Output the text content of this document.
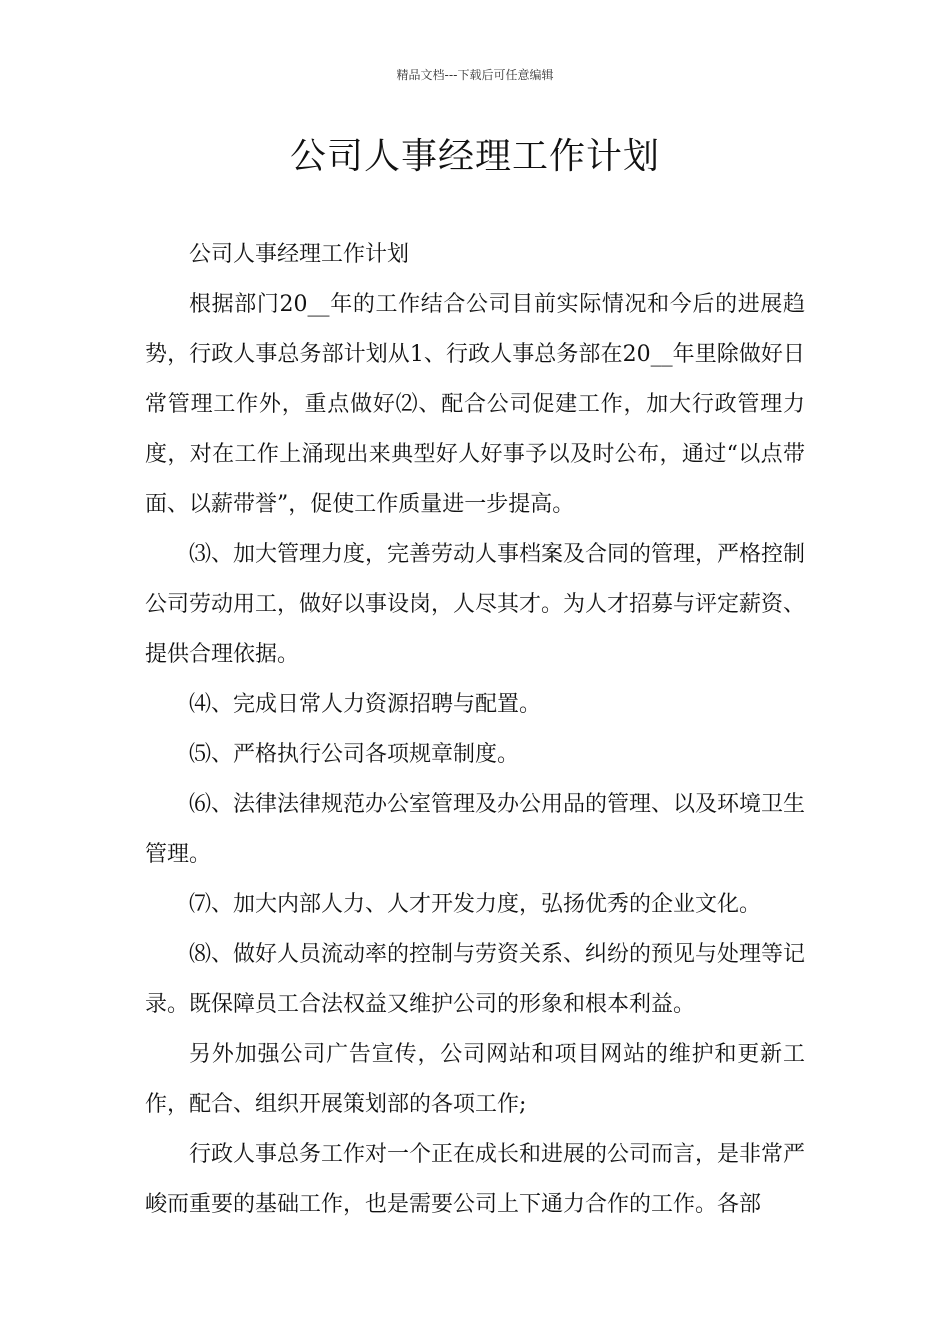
精品文档---下载后可任意编辑
公司人事经理工作计划

公司人事经理工作计划

根据部门20__年的工作结合公司目前实际情况和今后的进展趋势，行政人事总务部计划从1、行政人事总务部在20__年里除做好日常管理工作外，重点做好⑵、配合公司促建工作，加大行政管理力度，对在工作上涌现出来典型好人好事予以及时公布，通过“以点带面、以薪带誉”，促使工作质量进一步提高。

⑶、加大管理力度，完善劳动人事档案及合同的管理，严格控制公司劳动用工，做好以事设岗，人尽其才。为人才招募与评定薪资、提供合理依据。

⑷、完成日常人力资源招聘与配置。

⑸、严格执行公司各项规章制度。

⑹、法律法律规范办公室管理及办公用品的管理、以及环境卫生管理。

⑺、加大内部人力、人才开发力度，弘扬优秀的企业文化。

⑻、做好人员流动率的控制与劳资关系、纠纷的预见与处理等记录。既保障员工合法权益又维护公司的形象和根本利益。

另外加强公司广告宣传，公司网站和项目网站的维护和更新工作，配合、组织开展策划部的各项工作;

行政人事总务工作对一个正在成长和进展的公司而言，是非常严峻而重要的基础工作，也是需要公司上下通力合作的工作。各部
